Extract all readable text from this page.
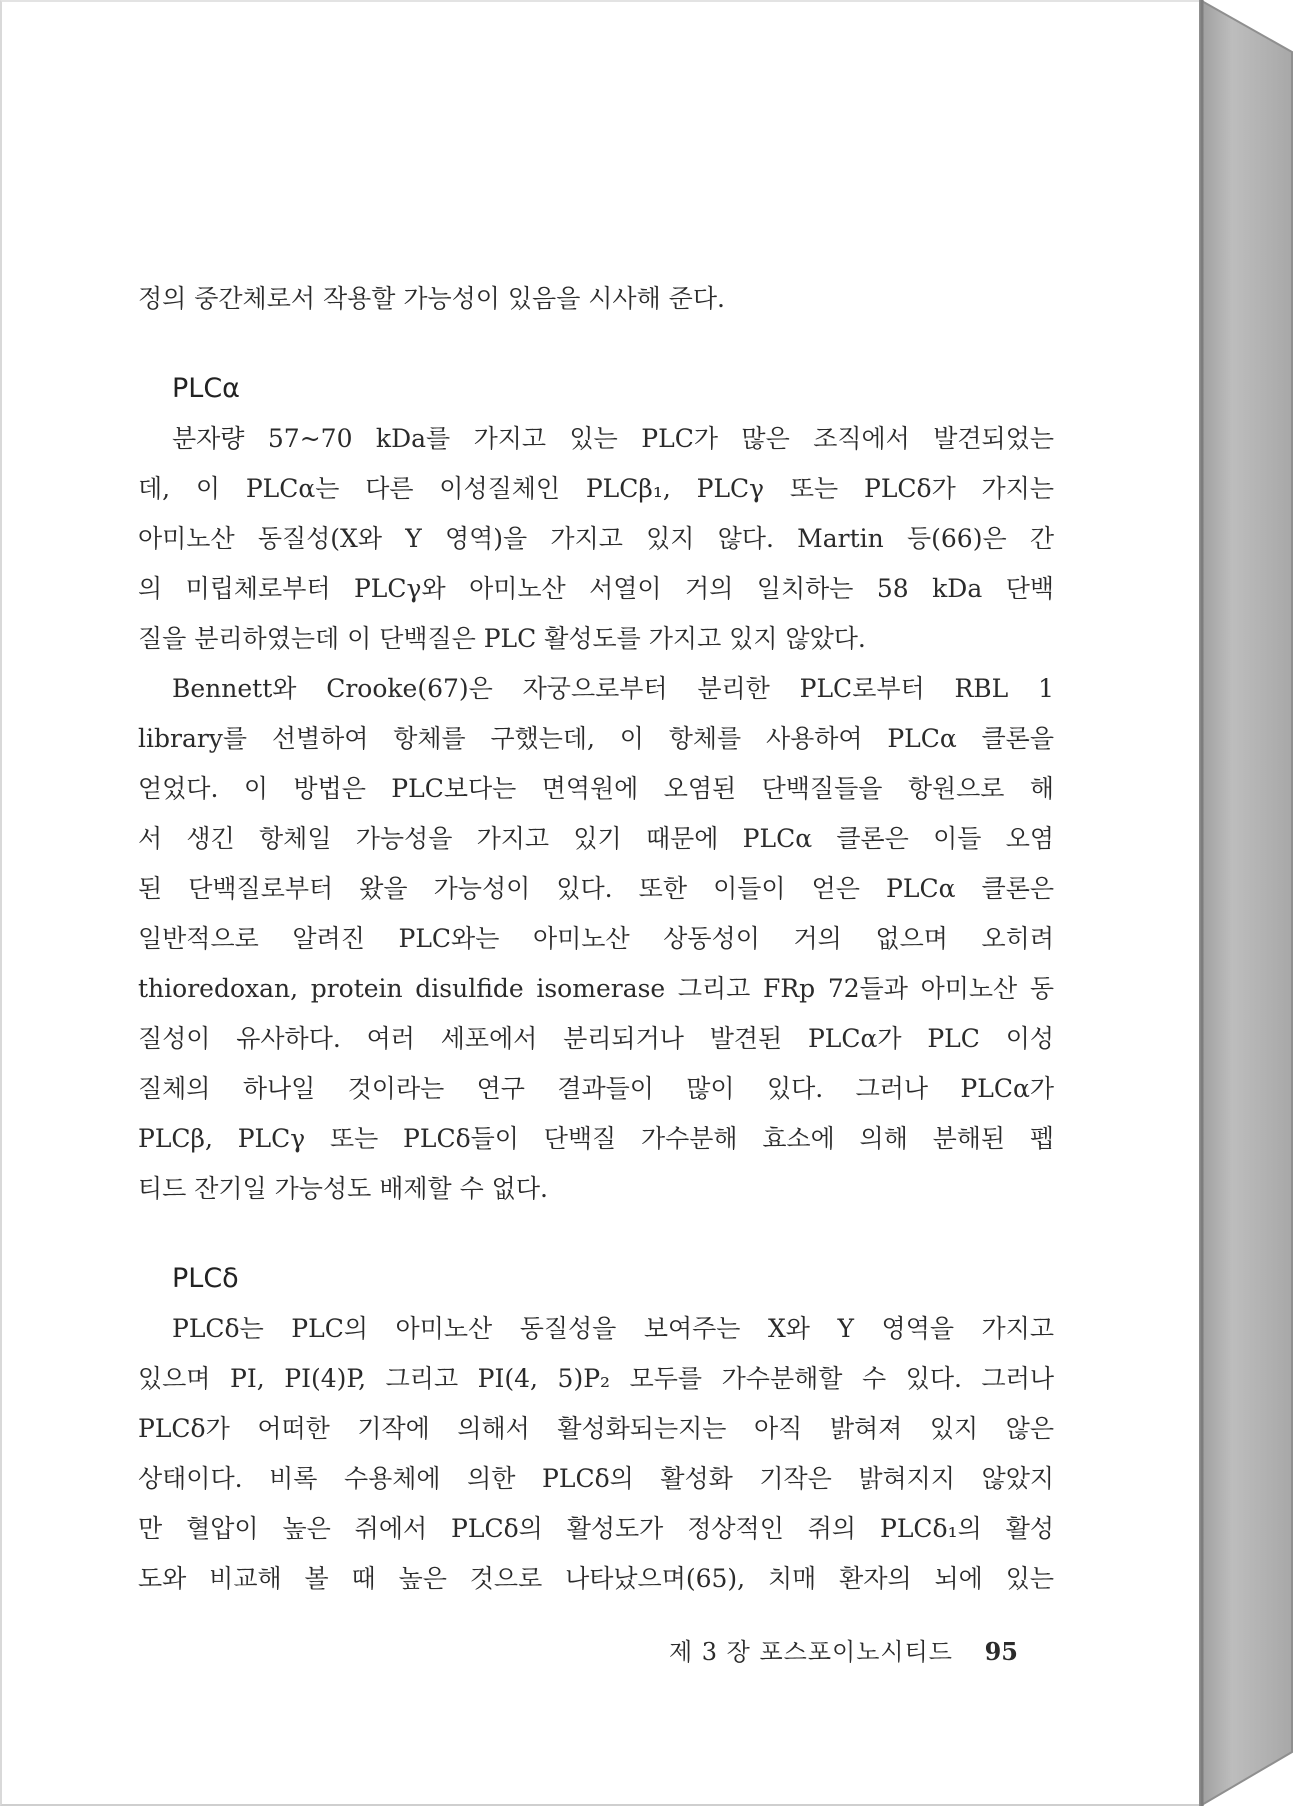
정의 중간체로서 작용할 가능성이 있음을 시사해 준다.
PLCα
분자량 57~70 kDa를 가지고 있는 PLC가 많은 조직에서 발견되었는
데, 이 PLCα는 다른 이성질체인 PLCβ₁, PLCγ 또는 PLCδ가 가지는
아미노산 동질성(X와 Y 영역)을 가지고 있지 않다. Martin 등(66)은 간
의 미립체로부터 PLCγ와 아미노산 서열이 거의 일치하는 58 kDa 단백
질을 분리하였는데 이 단백질은 PLC 활성도를 가지고 있지 않았다.
Bennett와 Crooke(67)은 자궁으로부터 분리한 PLC로부터 RBL 1
library를 선별하여 항체를 구했는데, 이 항체를 사용하여 PLCα 클론을
얻었다. 이 방법은 PLC보다는 면역원에 오염된 단백질들을 항원으로 해
서 생긴 항체일 가능성을 가지고 있기 때문에 PLCα 클론은 이들 오염
된 단백질로부터 왔을 가능성이 있다. 또한 이들이 얻은 PLCα 클론은
일반적으로 알려진 PLC와는 아미노산 상동성이 거의 없으며 오히려
thioredoxan, protein disulfide isomerase 그리고 FRp 72들과 아미노산 동
질성이 유사하다. 여러 세포에서 분리되거나 발견된 PLCα가 PLC 이성
질체의 하나일 것이라는 연구 결과들이 많이 있다. 그러나 PLCα가
PLCβ, PLCγ 또는 PLCδ들이 단백질 가수분해 효소에 의해 분해된 펩
티드 잔기일 가능성도 배제할 수 없다.
PLCδ
PLCδ는 PLC의 아미노산 동질성을 보여주는 X와 Y 영역을 가지고
있으며 PI, PI(4)P, 그리고 PI(4, 5)P₂ 모두를 가수분해할 수 있다. 그러나
PLCδ가 어떠한 기작에 의해서 활성화되는지는 아직 밝혀져 있지 않은
상태이다. 비록 수용체에 의한 PLCδ의 활성화 기작은 밝혀지지 않았지
만 혈압이 높은 쥐에서 PLCδ의 활성도가 정상적인 쥐의 PLCδ₁의 활성
도와 비교해 볼 때 높은 것으로 나타났으며(65), 치매 환자의 뇌에 있는
제 3 장 포스포이노시티드 95
